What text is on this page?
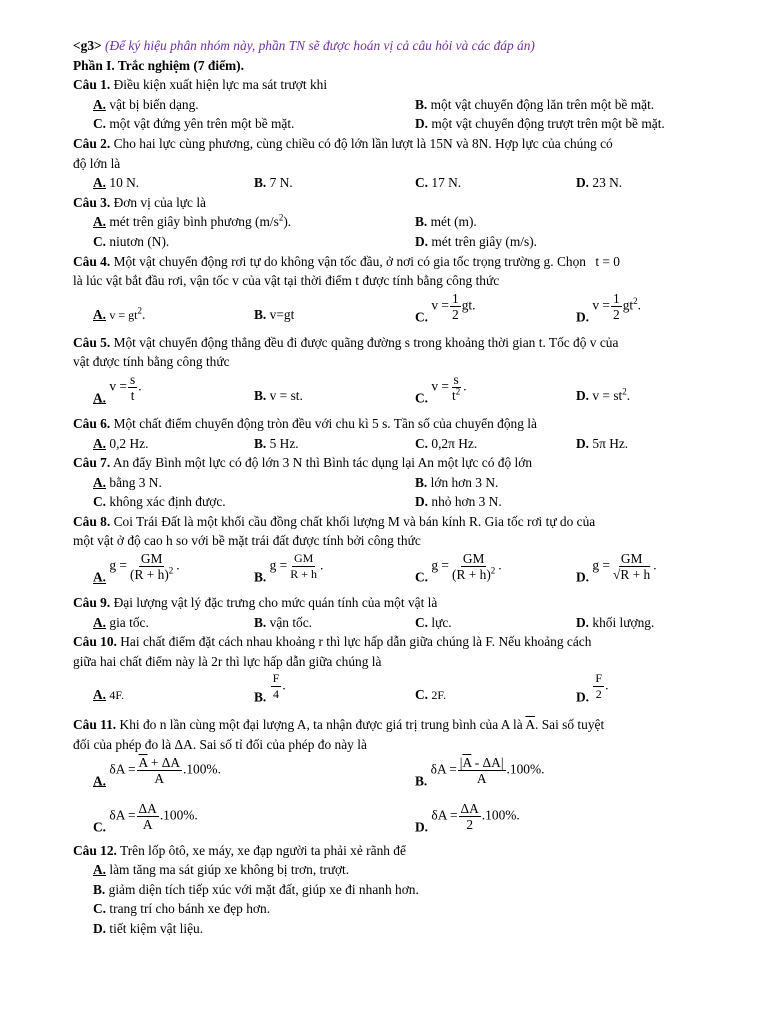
<g3> (Để ký hiệu phân nhóm này, phần TN sẽ được hoán vị cả câu hỏi và các đáp án)
Phần I. Trắc nghiệm (7 điểm).
Câu 1. Điều kiện xuất hiện lực ma sát trượt khi
A. vật bị biến dạng.	B. một vật chuyển động lăn trên một bề mặt.
C. một vật đứng yên trên một bề mặt.	D. một vật chuyển động trượt trên một bề mặt.
Câu 2. Cho hai lực cùng phương, cùng chiều có độ lớn lần lượt là 15N và 8N. Hợp lực của chúng có
độ lớn là
A. 10 N.	B. 7 N.	C. 17 N.	D. 23 N.
Câu 3. Đơn vị của lực là
A. mét trên giây bình phương $(m/s^2)$.	B. mét (m).
C. niutơn (N).	D. mét trên giây (m/s).
Câu 4. Một vật chuyển động rơi tự do không vận tốc đầu, ở nơi có gia tốc trọng trường g. Chọn t = 0
là lúc vật bắt đầu rơi, vận tốc v của vật tại thời điểm t được tính bằng công thức
A. $v = gt^2$.	B. v=gt	C. $v = \frac{1}{2}$ gt.
D. $v = \frac{1}{2} gt^2$.
Câu 5. Một vật chuyển động thẳng đều đi được quãng đường s trong khoảng thời gian t. Tốc độ v của
vật được tính bằng công thức
A. $v = \frac{s}{t}$ .
B. v = st.	C. $v = \frac{s}{t^2}$ .
D. $v = st^2$.
Câu 6. Một chất điểm chuyển động tròn đều với chu kì 5 s. Tần số của chuyển động là
A. 0,2 Hz.	B. 5 Hz.	C. 0,2π Hz.	D. 5π Hz.
Câu 7. An đẩy Bình một lực có độ lớn 3 N thì Bình tác dụng lại An một lực có độ lớn
A. bằng 3 N.	B. lớn hơn 3 N.
C. không xác định được.	D. nhỏ hơn 3 N.
Câu 8. Coi Trái Đất là một khối cầu đồng chất khối lượng M và bán kính R. Gia tốc rơi tự do của
một vật ở độ cao h so với bề mặt trái đất được tính bởi công thức
A. $g = \frac{GM}{(R + h)^2}$ .
B. $g = \frac{GM}{R + h}$ .
C. $g = \frac{GM}{(R + h)^2}$ .
D. $g = \frac{GM}{√R + h}$ .
Câu 9. Đại lượng vật lý đặc trưng cho mức quán tính của một vật là
A. gia tốc.	B. vận tốc.	C. lực.	D. khối lượng.
Câu 10. Hai chất điểm đặt cách nhau khoảng r thì lực hấp dẫn giữa chúng là F. Nếu khoảng cách
giữa hai chất điểm này là 2r thì lực hấp dẫn giữa chúng là
A. 4F.	B. $\frac{F}{4}$ .
C. 2F.	D. $\frac{F}{2}$ .
Câu 11. Khi đo n lần cùng một đại lượng A, ta nhận được giá trị trung bình của A là $\overline{A}$. Sai số tuyệt
đối của phép đo là ΔA. Sai số tỉ đối của phép đo này là
A. $\delta A = \frac{\overline{A} + \Delta A}{A} .100\%$.
B. $\delta A = \frac{|\overline{A} - \Delta A|}{A} .100\%$.
C. $\delta A = \frac{\Delta A}{A} .100\%$.
D. $\delta A = \frac{\Delta A}{2} .100\%$.
Câu 12. Trên lốp ôtô, xe máy, xe đạp người ta phải xẻ rãnh để
A. làm tăng ma sát giúp xe không bị trơn, trượt.
B. giảm diện tích tiếp xúc với mặt đất, giúp xe đi nhanh hơn.
C. trang trí cho bánh xe đẹp hơn.
D. tiết kiệm vật liệu.
